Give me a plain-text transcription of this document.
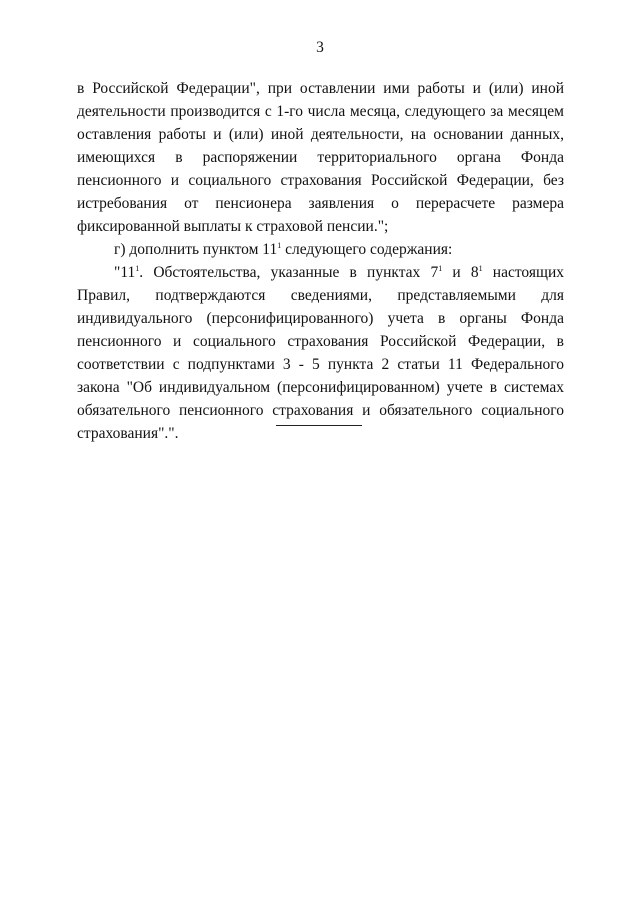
3

в Российской Федерации", при оставлении ими работы и (или) иной деятельности производится с 1-го числа месяца, следующего за месяцем оставления работы и (или) иной деятельности, на основании данных, имеющихся в распоряжении территориального органа Фонда пенсионного и социального страхования Российской Федерации, без истребования от пенсионера заявления о перерасчете размера фиксированной выплаты к страховой пенсии.";

г) дополнить пунктом $11^1$ следующего содержания:

"$11^1$. Обстоятельства, указанные в пунктах $7^1$ и $8^1$ настоящих Правил, подтверждаются сведениями, представляемыми для индивидуального (персонифицированного) учета в органы Фонда пенсионного и социального страхования Российской Федерации, в соответствии с подпунктами 3 - 5 пункта 2 статьи 11 Федерального закона "Об индивидуальном (персонифицированном) учете в системах обязательного пенсионного страхования и обязательного социального страхования".".
